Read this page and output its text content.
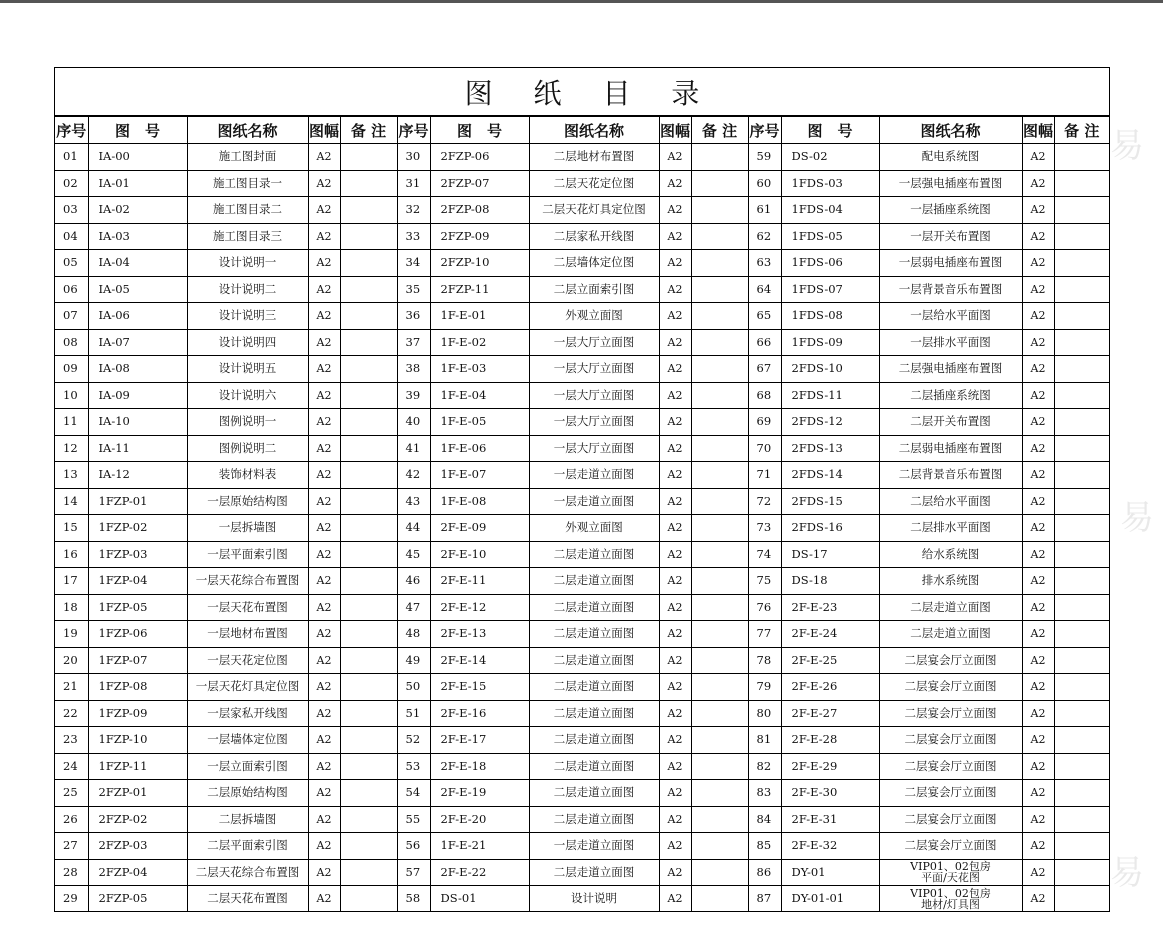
易
易
易
图 纸 目 录
序号	图　号	图纸名称	图幅	备 注	序号	图　号	图纸名称	图幅	备 注	序号	图　号	图纸名称	图幅	备 注
01	IA-00	施工图封面	A2		30	2FZP-06	二层地材布置图	A2		59	DS-02	配电系统图	A2	
02	IA-01	施工图目录一	A2		31	2FZP-07	二层天花定位图	A2		60	1FDS-03	一层强电插座布置图	A2	
03	IA-02	施工图目录二	A2		32	2FZP-08	二层天花灯具定位图	A2		61	1FDS-04	一层插座系统图	A2	
04	IA-03	施工图目录三	A2		33	2FZP-09	二层家私开线图	A2		62	1FDS-05	一层开关布置图	A2	
05	IA-04	设计说明一	A2		34	2FZP-10	二层墙体定位图	A2		63	1FDS-06	一层弱电插座布置图	A2	
06	IA-05	设计说明二	A2		35	2FZP-11	二层立面索引图	A2		64	1FDS-07	一层背景音乐布置图	A2	
07	IA-06	设计说明三	A2		36	1F-E-01	外观立面图	A2		65	1FDS-08	一层给水平面图	A2	
08	IA-07	设计说明四	A2		37	1F-E-02	一层大厅立面图	A2		66	1FDS-09	一层排水平面图	A2	
09	IA-08	设计说明五	A2		38	1F-E-03	一层大厅立面图	A2		67	2FDS-10	二层强电插座布置图	A2	
10	IA-09	设计说明六	A2		39	1F-E-04	一层大厅立面图	A2		68	2FDS-11	二层插座系统图	A2	
11	IA-10	图例说明一	A2		40	1F-E-05	一层大厅立面图	A2		69	2FDS-12	二层开关布置图	A2	
12	IA-11	图例说明二	A2		41	1F-E-06	一层大厅立面图	A2		70	2FDS-13	二层弱电插座布置图	A2	
13	IA-12	装饰材料表	A2		42	1F-E-07	一层走道立面图	A2		71	2FDS-14	二层背景音乐布置图	A2	
14	1FZP-01	一层原始结构图	A2		43	1F-E-08	一层走道立面图	A2		72	2FDS-15	二层给水平面图	A2	
15	1FZP-02	一层拆墙图	A2		44	2F-E-09	外观立面图	A2		73	2FDS-16	二层排水平面图	A2	
16	1FZP-03	一层平面索引图	A2		45	2F-E-10	二层走道立面图	A2		74	DS-17	给水系统图	A2	
17	1FZP-04	一层天花综合布置图	A2		46	2F-E-11	二层走道立面图	A2		75	DS-18	排水系统图	A2	
18	1FZP-05	一层天花布置图	A2		47	2F-E-12	二层走道立面图	A2		76	2F-E-23	二层走道立面图	A2	
19	1FZP-06	一层地材布置图	A2		48	2F-E-13	二层走道立面图	A2		77	2F-E-24	二层走道立面图	A2	
20	1FZP-07	一层天花定位图	A2		49	2F-E-14	二层走道立面图	A2		78	2F-E-25	二层宴会厅立面图	A2	
21	1FZP-08	一层天花灯具定位图	A2		50	2F-E-15	二层走道立面图	A2		79	2F-E-26	二层宴会厅立面图	A2	
22	1FZP-09	一层家私开线图	A2		51	2F-E-16	二层走道立面图	A2		80	2F-E-27	二层宴会厅立面图	A2	
23	1FZP-10	一层墙体定位图	A2		52	2F-E-17	二层走道立面图	A2		81	2F-E-28	二层宴会厅立面图	A2	
24	1FZP-11	一层立面索引图	A2		53	2F-E-18	二层走道立面图	A2		82	2F-E-29	二层宴会厅立面图	A2	
25	2FZP-01	二层原始结构图	A2		54	2F-E-19	二层走道立面图	A2		83	2F-E-30	二层宴会厅立面图	A2	
26	2FZP-02	二层拆墙图	A2		55	2F-E-20	二层走道立面图	A2		84	2F-E-31	二层宴会厅立面图	A2	
27	2FZP-03	二层平面索引图	A2		56	1F-E-21	一层走道立面图	A2		85	2F-E-32	二层宴会厅立面图	A2	
28	2FZP-04	二层天花综合布置图	A2		57	2F-E-22	二层走道立面图	A2		86	DY-01	VIP01、02包房
平面/天花图	A2	
29	2FZP-05	二层天花布置图	A2		58	DS-01	设计说明	A2		87	DY-01-01	VIP01、02包房
地材/灯具图	A2	
